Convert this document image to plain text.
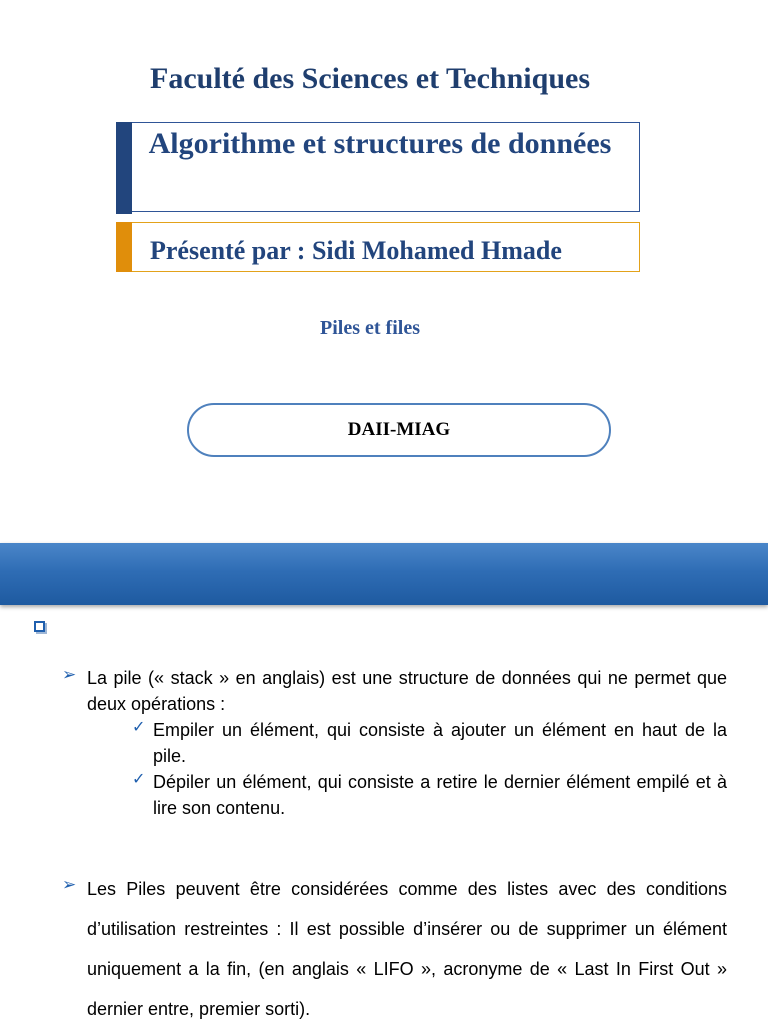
Faculté des Sciences et Techniques
Algorithme et structures de données
Présenté par : Sidi Mohamed Hmade
Piles et files
DAII-MIAG
➢ La pile (« stack » en anglais) est une structure de données qui ne permet que deux opérations :
✓ Empiler un élément, qui consiste à ajouter un élément en haut de la pile.
✓ Dépiler un élément, qui consiste a retire le dernier élément empilé et à lire son contenu.
➢ Les Piles peuvent être considérées comme des listes avec des conditions d’utilisation restreintes : Il est possible d’insérer ou de supprimer un élément uniquement a la fin, (en anglais « LIFO », acronyme de « Last In First Out » dernier entre, premier sorti).
